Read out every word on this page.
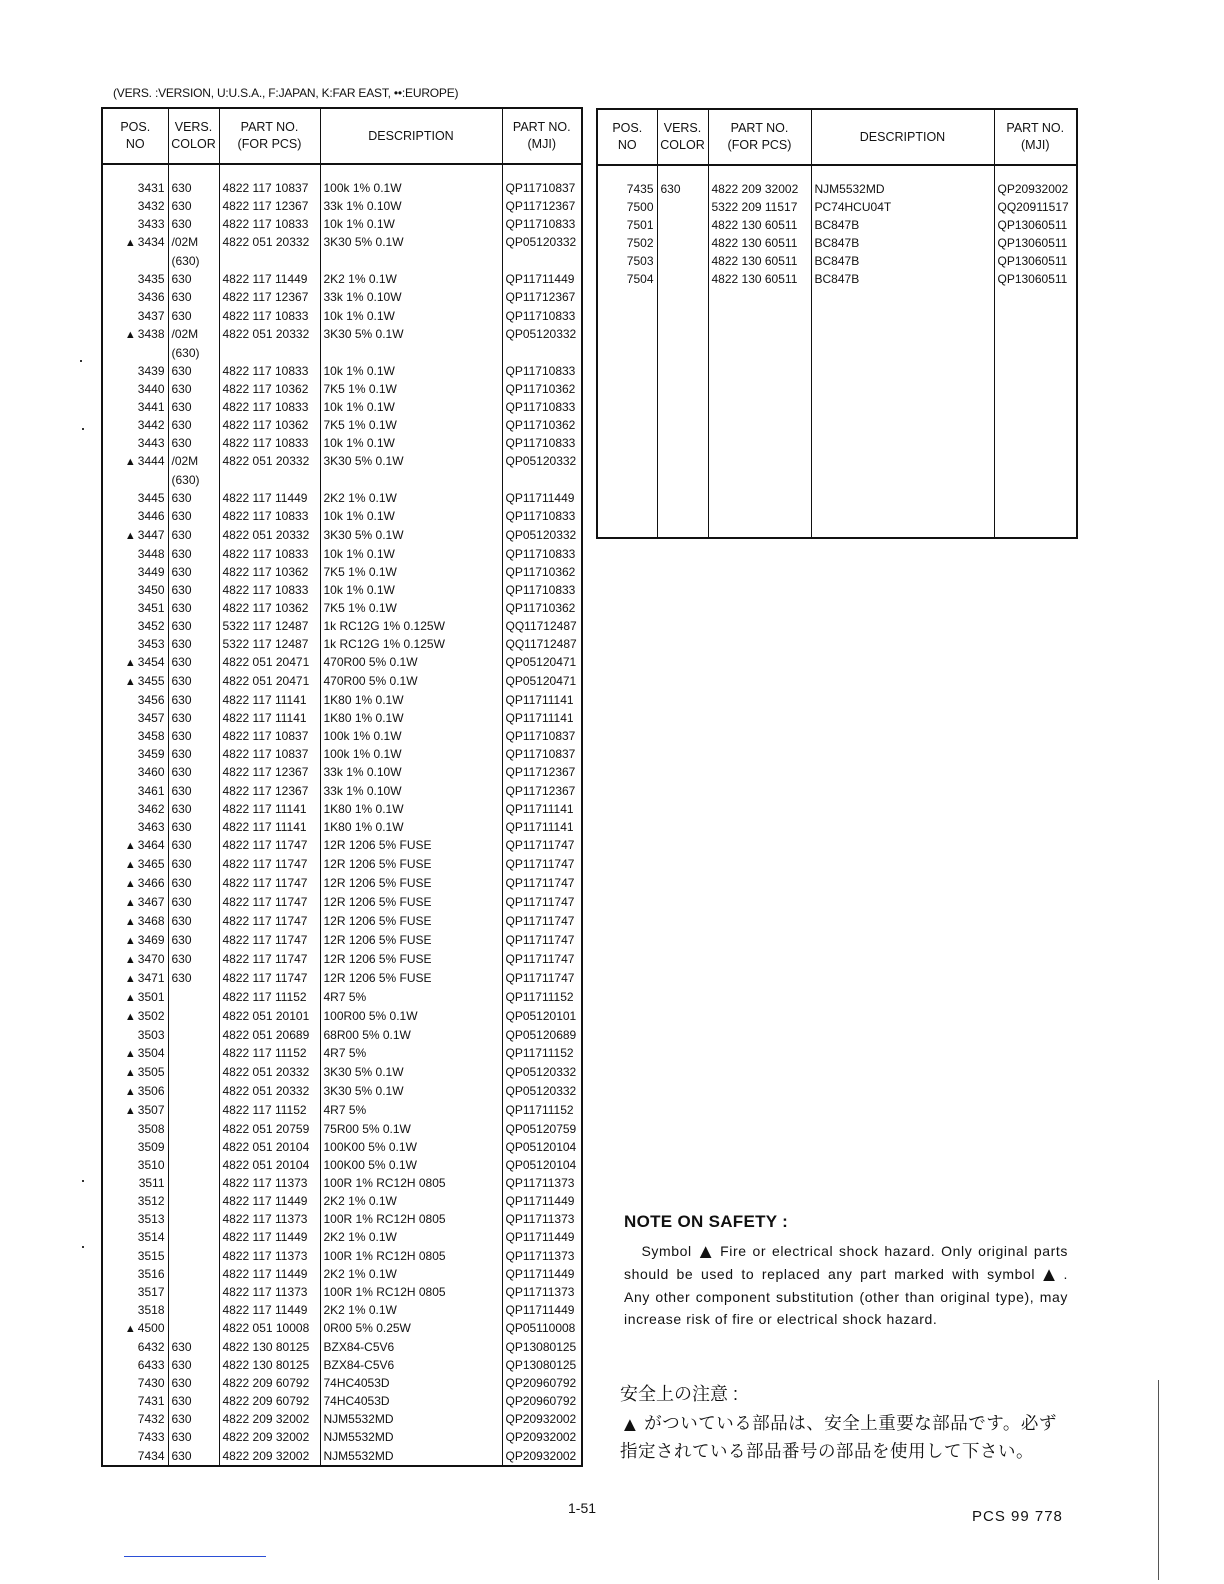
(VERS. :VERSION, U:U.S.A., F:JAPAN, K:FAR EAST, ••:EUROPE)
POS.
NO	VERS.
COLOR	PART NO.
(FOR PCS)	DESCRIPTION	PART NO.
(MJI)

3431	630	4822 117 10837	100k 1% 0.1W	QP11710837
3432	630	4822 117 12367	33k 1% 0.10W	QP11712367
3433	630	4822 117 10833	10k 1% 0.1W	QP11710833
▲ 3434	/02M	4822 051 20332	3K30 5% 0.1W	QP05120332
	(630)			
3435	630	4822 117 11449	2K2 1% 0.1W	QP11711449
3436	630	4822 117 12367	33k 1% 0.10W	QP11712367
3437	630	4822 117 10833	10k 1% 0.1W	QP11710833
▲ 3438	/02M	4822 051 20332	3K30 5% 0.1W	QP05120332
	(630)			
3439	630	4822 117 10833	10k 1% 0.1W	QP11710833
3440	630	4822 117 10362	7K5 1% 0.1W	QP11710362
3441	630	4822 117 10833	10k 1% 0.1W	QP11710833
3442	630	4822 117 10362	7K5 1% 0.1W	QP11710362
3443	630	4822 117 10833	10k 1% 0.1W	QP11710833
▲ 3444	/02M	4822 051 20332	3K30 5% 0.1W	QP05120332
	(630)			
3445	630	4822 117 11449	2K2 1% 0.1W	QP11711449
3446	630	4822 117 10833	10k 1% 0.1W	QP11710833
▲ 3447	630	4822 051 20332	3K30 5% 0.1W	QP05120332
3448	630	4822 117 10833	10k 1% 0.1W	QP11710833
3449	630	4822 117 10362	7K5 1% 0.1W	QP11710362
3450	630	4822 117 10833	10k 1% 0.1W	QP11710833
3451	630	4822 117 10362	7K5 1% 0.1W	QP11710362
3452	630	5322 117 12487	1k RC12G 1% 0.125W	QQ11712487
3453	630	5322 117 12487	1k RC12G 1% 0.125W	QQ11712487
▲ 3454	630	4822 051 20471	470R00 5% 0.1W	QP05120471
▲ 3455	630	4822 051 20471	470R00 5% 0.1W	QP05120471
3456	630	4822 117 11141	1K80 1% 0.1W	QP11711141
3457	630	4822 117 11141	1K80 1% 0.1W	QP11711141
3458	630	4822 117 10837	100k 1% 0.1W	QP11710837
3459	630	4822 117 10837	100k 1% 0.1W	QP11710837
3460	630	4822 117 12367	33k 1% 0.10W	QP11712367
3461	630	4822 117 12367	33k 1% 0.10W	QP11712367
3462	630	4822 117 11141	1K80 1% 0.1W	QP11711141
3463	630	4822 117 11141	1K80 1% 0.1W	QP11711141
▲ 3464	630	4822 117 11747	12R 1206 5% FUSE	QP11711747
▲ 3465	630	4822 117 11747	12R 1206 5% FUSE	QP11711747
▲ 3466	630	4822 117 11747	12R 1206 5% FUSE	QP11711747
▲ 3467	630	4822 117 11747	12R 1206 5% FUSE	QP11711747
▲ 3468	630	4822 117 11747	12R 1206 5% FUSE	QP11711747
▲ 3469	630	4822 117 11747	12R 1206 5% FUSE	QP11711747
▲ 3470	630	4822 117 11747	12R 1206 5% FUSE	QP11711747
▲ 3471	630	4822 117 11747	12R 1206 5% FUSE	QP11711747
▲ 3501		4822 117 11152	4R7 5%	QP11711152
▲ 3502		4822 051 20101	100R00 5% 0.1W	QP05120101
3503		4822 051 20689	68R00 5% 0.1W	QP05120689
▲ 3504		4822 117 11152	4R7 5%	QP11711152
▲ 3505		4822 051 20332	3K30 5% 0.1W	QP05120332
▲ 3506		4822 051 20332	3K30 5% 0.1W	QP05120332
▲ 3507		4822 117 11152	4R7 5%	QP11711152
3508		4822 051 20759	75R00 5% 0.1W	QP05120759
3509		4822 051 20104	100K00 5% 0.1W	QP05120104
3510		4822 051 20104	100K00 5% 0.1W	QP05120104
3511		4822 117 11373	100R 1% RC12H 0805	QP11711373
3512		4822 117 11449	2K2 1% 0.1W	QP11711449
3513		4822 117 11373	100R 1% RC12H 0805	QP11711373
3514		4822 117 11449	2K2 1% 0.1W	QP11711449
3515		4822 117 11373	100R 1% RC12H 0805	QP11711373
3516		4822 117 11449	2K2 1% 0.1W	QP11711449
3517		4822 117 11373	100R 1% RC12H 0805	QP11711373
3518		4822 117 11449	2K2 1% 0.1W	QP11711449
▲ 4500		4822 051 10008	0R00 5% 0.25W	QP05110008
6432	630	4822 130 80125	BZX84-C5V6	QP13080125
6433	630	4822 130 80125	BZX84-C5V6	QP13080125
7430	630	4822 209 60792	74HC4053D	QP20960792
7431	630	4822 209 60792	74HC4053D	QP20960792
7432	630	4822 209 32002	NJM5532MD	QP20932002
7433	630	4822 209 32002	NJM5532MD	QP20932002
7434	630	4822 209 32002	NJM5532MD	QP20932002
POS.
NO	VERS.
COLOR	PART NO.
(FOR PCS)	DESCRIPTION	PART NO.
(MJI)

7435	630	4822 209 32002	NJM5532MD	QP20932002
7500		5322 209 11517	PC74HCU04T	QQ20911517
7501		4822 130 60511	BC847B	QP13060511
7502		4822 130 60511	BC847B	QP13060511
7503		4822 130 60511	BC847B	QP13060511
7504		4822 130 60511	BC847B	QP13060511

NOTE ON SAFETY :

Symbol ▲ Fire or electrical shock hazard. Only original parts should be used to replaced any part marked with symbol ▲ . Any other component substitution (other than original type), may increase risk of fire or electrical shock hazard.

安全上の注意 :

▲ がついている部品は、安全上重要な部品です。必ず指定されている部品番号の部品を使用して下さい。

1-51	PCS 99 778
